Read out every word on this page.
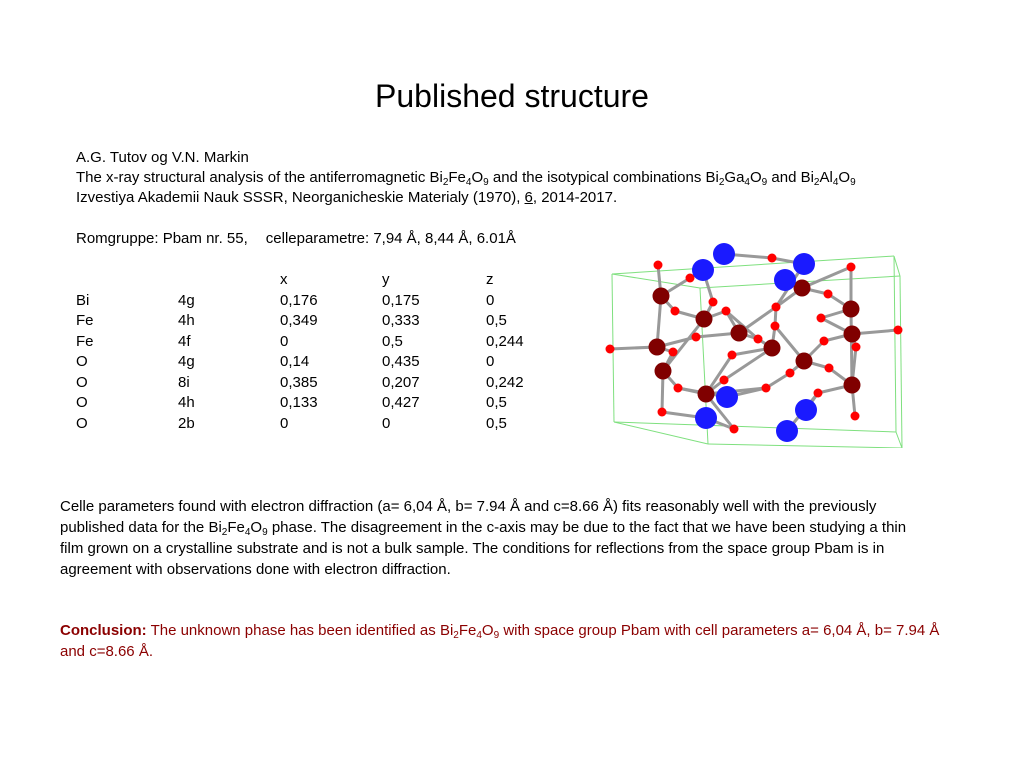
Published structure
A.G. Tutov og V.N. Markin
The x-ray structural analysis of the antiferromagnetic $Bi_2Fe_4O_9$ and the isotypical combinations $Bi_2Ga_4O_9$ and $Bi_2Al_4O_9$
Izvestiya Akademii Nauk SSSR, Neorganicheskie Materialy (1970), 6, 2014-2017.
Romgruppe: Pbam nr. 55, celleparametre: 7,94 Å, 8,44 Å, 6.01Å
		x	y	z
Bi	4g	0,176	0,175	0
Fe	4h	0,349	0,333	0,5
Fe	4f	0	0,5	0,244
O	4g	0,14	0,435	0
O	8i	0,385	0,207	0,242
O	4h	0,133	0,427	0,5
O	2b	0	0	0,5
Celle parameters found with electron diffraction (a= 6,04 Å, b= 7.94 Å and c=8.66 Å) fits reasonably well with the previously published data for the $Bi_2Fe_4O_9$ phase. The disagreement in the c-axis may be due to the fact that we have been studying a thin film grown on a crystalline substrate and is not a bulk sample. The conditions for reflections from the space group Pbam is in agreement with observations done with electron diffraction.
Conclusion: The unknown phase has been identified as $Bi_2Fe_4O_9$ with space group Pbam with cell parameters a= 6,04 Å, b= 7.94 Å and c=8.66 Å.
